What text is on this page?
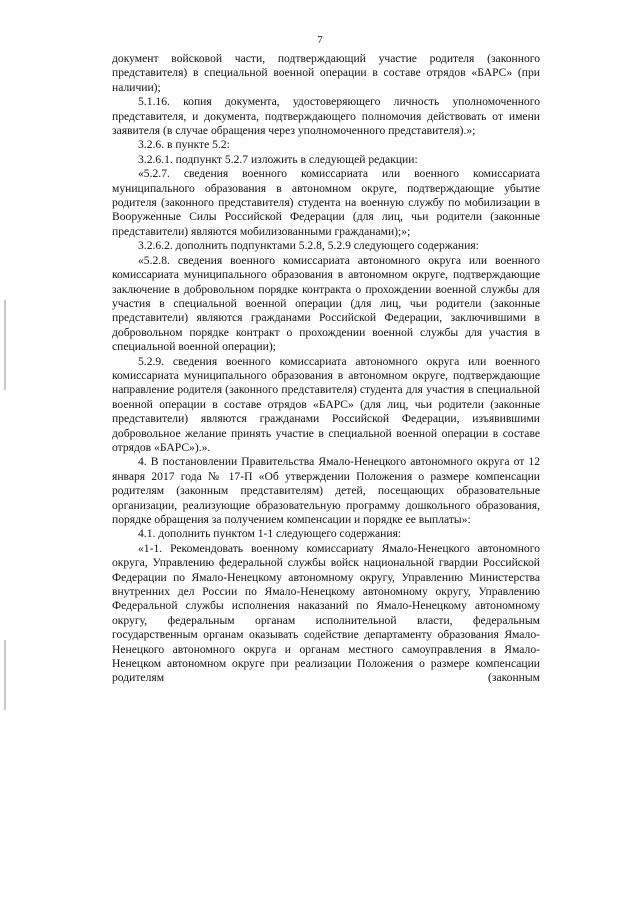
7

документ войсковой части, подтверждающий участие родителя (законного представителя) в специальной военной операции в составе отрядов «БАРС» (при наличии);

5.1.16. копия документа, удостоверяющего личность уполномоченного представителя, и документа, подтверждающего полномочия действовать от имени заявителя (в случае обращения через уполномоченного представителя).»;

3.2.6. в пункте 5.2:

3.2.6.1. подпункт 5.2.7 изложить в следующей редакции:

«5.2.7. сведения военного комиссариата или военного комиссариата муниципального образования в автономном округе, подтверждающие убытие родителя (законного представителя) студента на военную службу по мобилизации в Вооруженные Силы Российской Федерации (для лиц, чьи родители (законные представители) являются мобилизованными гражданами);»;

3.2.6.2. дополнить подпунктами 5.2.8, 5.2.9 следующего содержания:

«5.2.8. сведения военного комиссариата автономного округа или военного комиссариата муниципального образования в автономном округе, подтверждающие заключение в добровольном порядке контракта о прохождении военной службы для участия в специальной военной операции (для лиц, чьи родители (законные представители) являются гражданами Российской Федерации, заключившими в добровольном порядке контракт о прохождении военной службы для участия в специальной военной операции);

5.2.9. сведения военного комиссариата автономного округа или военного комиссариата муниципального образования в автономном округе, подтверждающие направление родителя (законного представителя) студента для участия в специальной военной операции в составе отрядов «БАРС» (для лиц, чьи родители (законные представители) являются гражданами Российской Федерации, изъявившими добровольное желание принять участие в специальной военной операции в составе отрядов «БАРС»).».

4. В постановлении Правительства Ямало-Ненецкого автономного округа от 12 января 2017 года № 17-П «Об утверждении Положения о размере компенсации родителям (законным представителям) детей, посещающих образовательные организации, реализующие образовательную программу дошкольного образования, порядке обращения за получением компенсации и порядке ее выплаты»:

4.1. дополнить пунктом 1-1 следующего содержания:

«1-1. Рекомендовать военному комиссариату Ямало-Ненецкого автономного округа, Управлению федеральной службы войск национальной гвардии Российской Федерации по Ямало-Ненецкому автономному округу, Управлению Министерства внутренних дел России по Ямало-Ненецкому автономному округу, Управлению Федеральной службы исполнения наказаний по Ямало-Ненецкому автономному округу, федеральным органам исполнительной власти, федеральным государственным органам оказывать содействие департаменту образования Ямало-Ненецкого автономного округа и органам местного самоуправления в Ямало-Ненецком автономном округе при реализации Положения о размере компенсации родителям (законным
